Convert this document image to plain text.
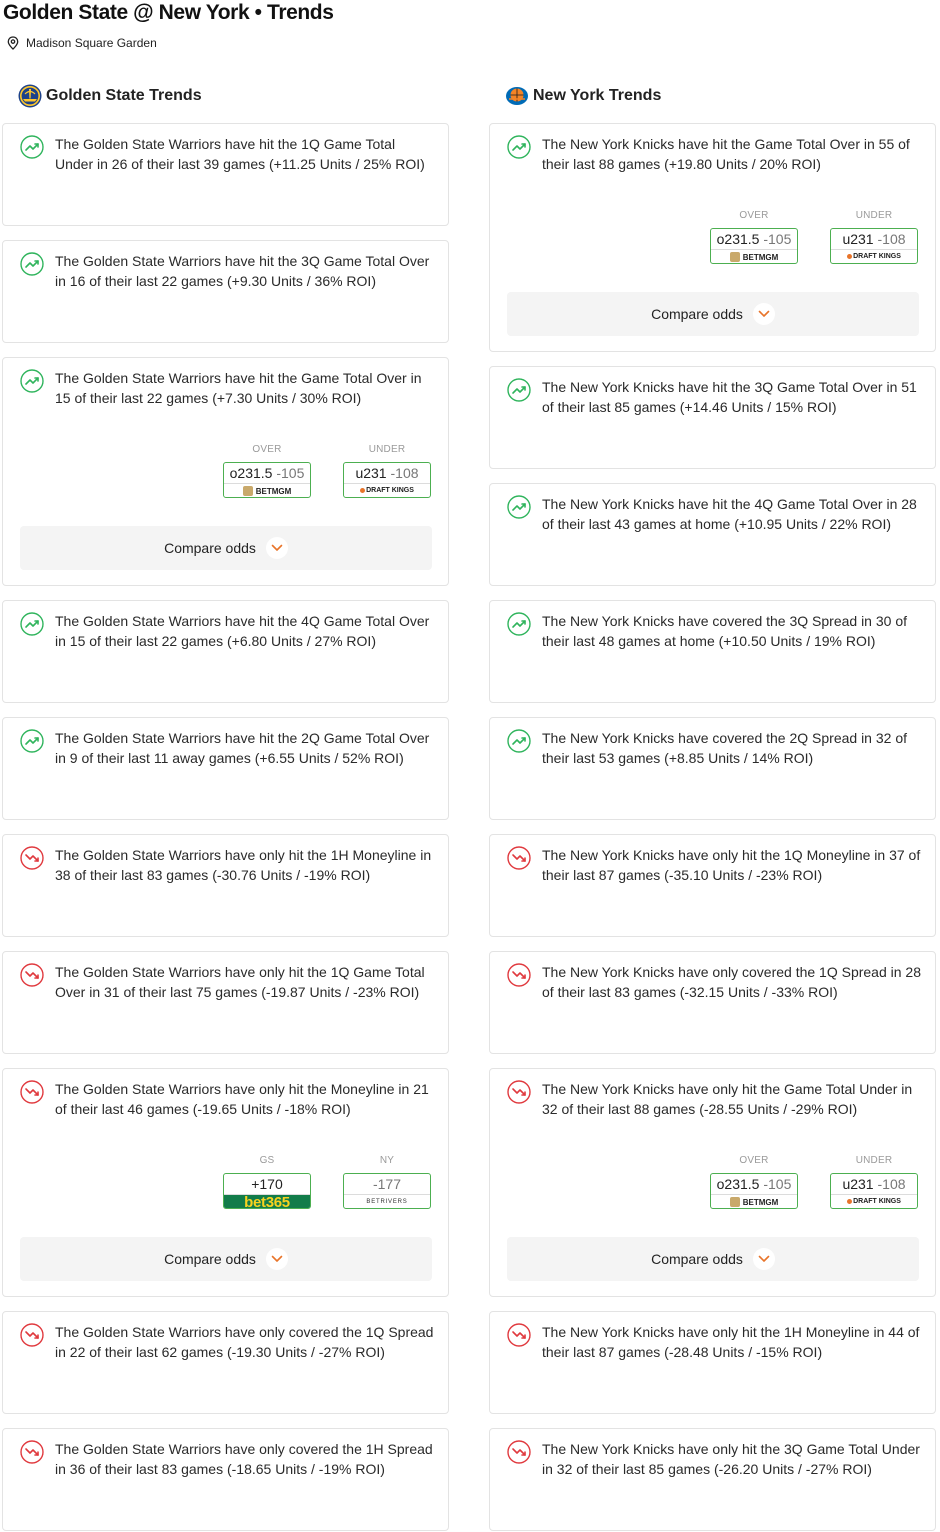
Golden State @ New York • Trends
Madison Square Garden
Golden State Trends

The Golden State Warriors have hit the 1Q Game Total Under in 26 of their last 39 games (+11.25 Units / 25% ROI)

The Golden State Warriors have hit the 3Q Game Total Over in 16 of their last 22 games (+9.30 Units / 36% ROI)

The Golden State Warriors have hit the Game Total Over in 15 of their last 22 games (+7.30 Units / 30% ROI)

OVER
o231.5 -105
BETMGM
UNDER
u231 -108
DRAFT KINGS
Compare odds

The Golden State Warriors have hit the 4Q Game Total Over in 15 of their last 22 games (+6.80 Units / 27% ROI)

The Golden State Warriors have hit the 2Q Game Total Over in 9 of their last 11 away games (+6.55 Units / 52% ROI)

The Golden State Warriors have only hit the 1H Moneyline in 38 of their last 83 games (-30.76 Units / -19% ROI)

The Golden State Warriors have only hit the 1Q Game Total Over in 31 of their last 75 games (-19.87 Units / -23% ROI)

The Golden State Warriors have only hit the Moneyline in 21 of their last 46 games (-19.65 Units / -18% ROI)

GS
+170
bet365
NY
-177
BETRIVERS
Compare odds

The Golden State Warriors have only covered the 1Q Spread in 22 of their last 62 games (-19.30 Units / -27% ROI)

The Golden State Warriors have only covered the 1H Spread in 36 of their last 83 games (-18.65 Units / -19% ROI)

New York Trends

The New York Knicks have hit the Game Total Over in 55 of their last 88 games (+19.80 Units / 20% ROI)

OVER
o231.5 -105
BETMGM
UNDER
u231 -108
DRAFT KINGS
Compare odds

The New York Knicks have hit the 3Q Game Total Over in 51 of their last 85 games (+14.46 Units / 15% ROI)

The New York Knicks have hit the 4Q Game Total Over in 28 of their last 43 games at home (+10.95 Units / 22% ROI)

The New York Knicks have covered the 3Q Spread in 30 of their last 48 games at home (+10.50 Units / 19% ROI)

The New York Knicks have covered the 2Q Spread in 32 of their last 53 games (+8.85 Units / 14% ROI)

The New York Knicks have only hit the 1Q Moneyline in 37 of their last 87 games (-35.10 Units / -23% ROI)

The New York Knicks have only covered the 1Q Spread in 28 of their last 83 games (-32.15 Units / -33% ROI)

The New York Knicks have only hit the Game Total Under in 32 of their last 88 games (-28.55 Units / -29% ROI)

OVER
o231.5 -105
BETMGM
UNDER
u231 -108
DRAFT KINGS
Compare odds

The New York Knicks have only hit the 1H Moneyline in 44 of their last 87 games (-28.48 Units / -15% ROI)

The New York Knicks have only hit the 3Q Game Total Under in 32 of their last 85 games (-26.20 Units / -27% ROI)
